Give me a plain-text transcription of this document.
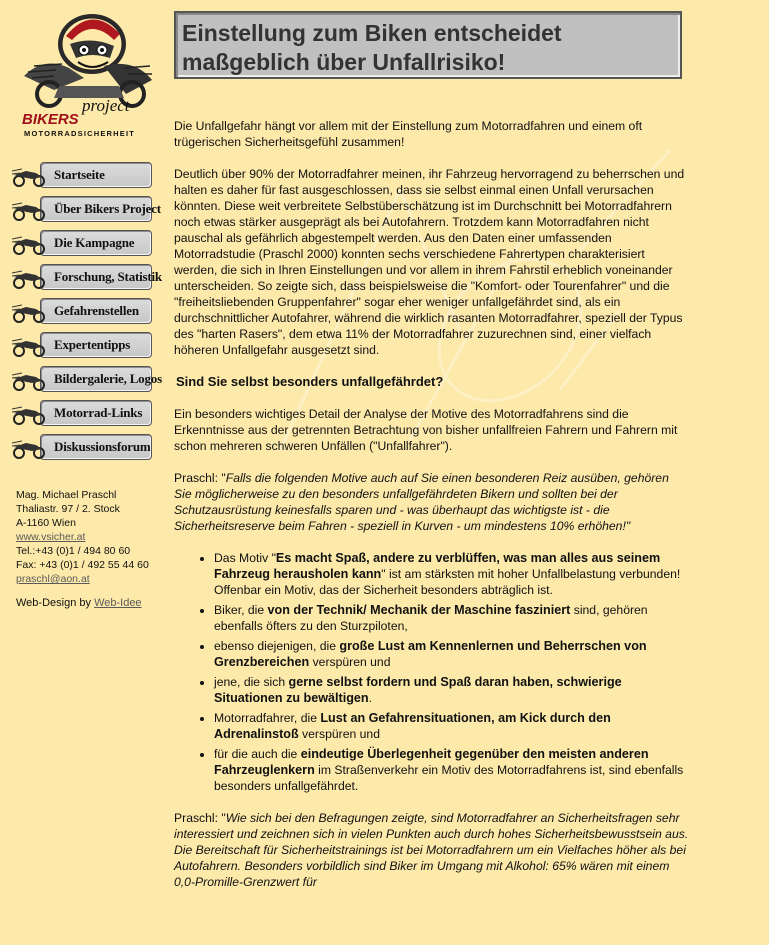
project
BIKERS
MOTORRADSICHERHEIT
Startseite
Über Bikers Project
Die Kampagne
Forschung, Statistik
Gefahrenstellen
Expertentipps
Bildergalerie, Logos
Motorrad-Links
Diskussionsforum
Mag. Michael Praschl
Thaliastr. 97 / 2. Stock
A-1160 Wien
www.vsicher.at
Tel.:+43 (0)1 / 494 80 60
Fax: +43 (0)1 / 492 55 44 60
praschl@aon.at
Web-Design by Web-Idee
Einstellung zum Biken entscheidet maßgeblich über Unfallrisiko!

Die Unfallgefahr hängt vor allem mit der Einstellung zum Motorradfahren und einem oft trügerischen Sicherheitsgefühl zusammen!

Deutlich über 90% der Motorradfahrer meinen, ihr Fahrzeug hervorragend zu beherrschen und halten es daher für fast ausgeschlossen, dass sie selbst einmal einen Unfall verursachen könnten. Diese weit verbreitete Selbstüberschätzung ist im Durchschnitt bei Motorradfahrern noch etwas stärker ausgeprägt als bei Autofahrern. Trotzdem kann Motorradfahren nicht pauschal als gefährlich abgestempelt werden. Aus den Daten einer umfassenden Motorradstudie (Praschl 2000) konnten sechs verschiedene Fahrertypen charakterisiert werden, die sich in Ihren Einstellungen und vor allem in ihrem Fahrstil erheblich voneinander unterscheiden. So zeigte sich, dass beispielsweise die "Komfort- oder Tourenfahrer" und die "freiheitsliebenden Gruppenfahrer" sogar eher weniger unfallgefährdet sind, als ein durchschnittlicher Autofahrer, während die wirklich rasanten Motorradfahrer, speziell der Typus des "harten Rasers", dem etwa 11% der Motorradfahrer zuzurechnen sind, einer vielfach höheren Unfallgefahr ausgesetzt sind.

Sind Sie selbst besonders unfallgefährdet?

Ein besonders wichtiges Detail der Analyse der Motive des Motorradfahrens sind die Erkenntnisse aus der getrennten Betrachtung von bisher unfallfreien Fahrern und Fahrern mit schon mehreren schweren Unfällen ("Unfallfahrer").

Praschl: "Falls die folgenden Motive auch auf Sie einen besonderen Reiz ausüben, gehören Sie möglicherweise zu den besonders unfallgefährdeten Bikern und sollten bei der Schutzausrüstung keinesfalls sparen und - was überhaupt das wichtigste ist - die Sicherheitsreserve beim Fahren - speziell in Kurven - um mindestens 10% erhöhen!"

• Das Motiv "Es macht Spaß, andere zu verblüffen, was man alles aus seinem Fahrzeug herausholen kann" ist am stärksten mit hoher Unfallbelastung verbunden! Offenbar ein Motiv, das der Sicherheit besonders abträglich ist.
• Biker, die von der Technik/ Mechanik der Maschine fasziniert sind, gehören ebenfalls öfters zu den Sturzpiloten,
• ebenso diejenigen, die große Lust am Kennenlernen und Beherrschen von Grenzbereichen verspüren und
• jene, die sich gerne selbst fordern und Spaß daran haben, schwierige Situationen zu bewältigen.
• Motorradfahrer, die Lust an Gefahrensituationen, am Kick durch den Adrenalinstoß verspüren und
• für die auch die eindeutige Überlegenheit gegenüber den meisten anderen Fahrzeuglenkern im Straßenverkehr ein Motiv des Motorradfahrens ist, sind ebenfalls besonders unfallgefährdet.

Praschl: "Wie sich bei den Befragungen zeigte, sind Motorradfahrer an Sicherheitsfragen sehr interessiert und zeichnen sich in vielen Punkten auch durch hohes Sicherheitsbewusstsein aus. Die Bereitschaft für Sicherheitstrainings ist bei Motorradfahrern um ein Vielfaches höher als bei Autofahrern. Besonders vorbildlich sind Biker im Umgang mit Alkohol: 65% wären mit einem 0,0-Promille-Grenzwert für
